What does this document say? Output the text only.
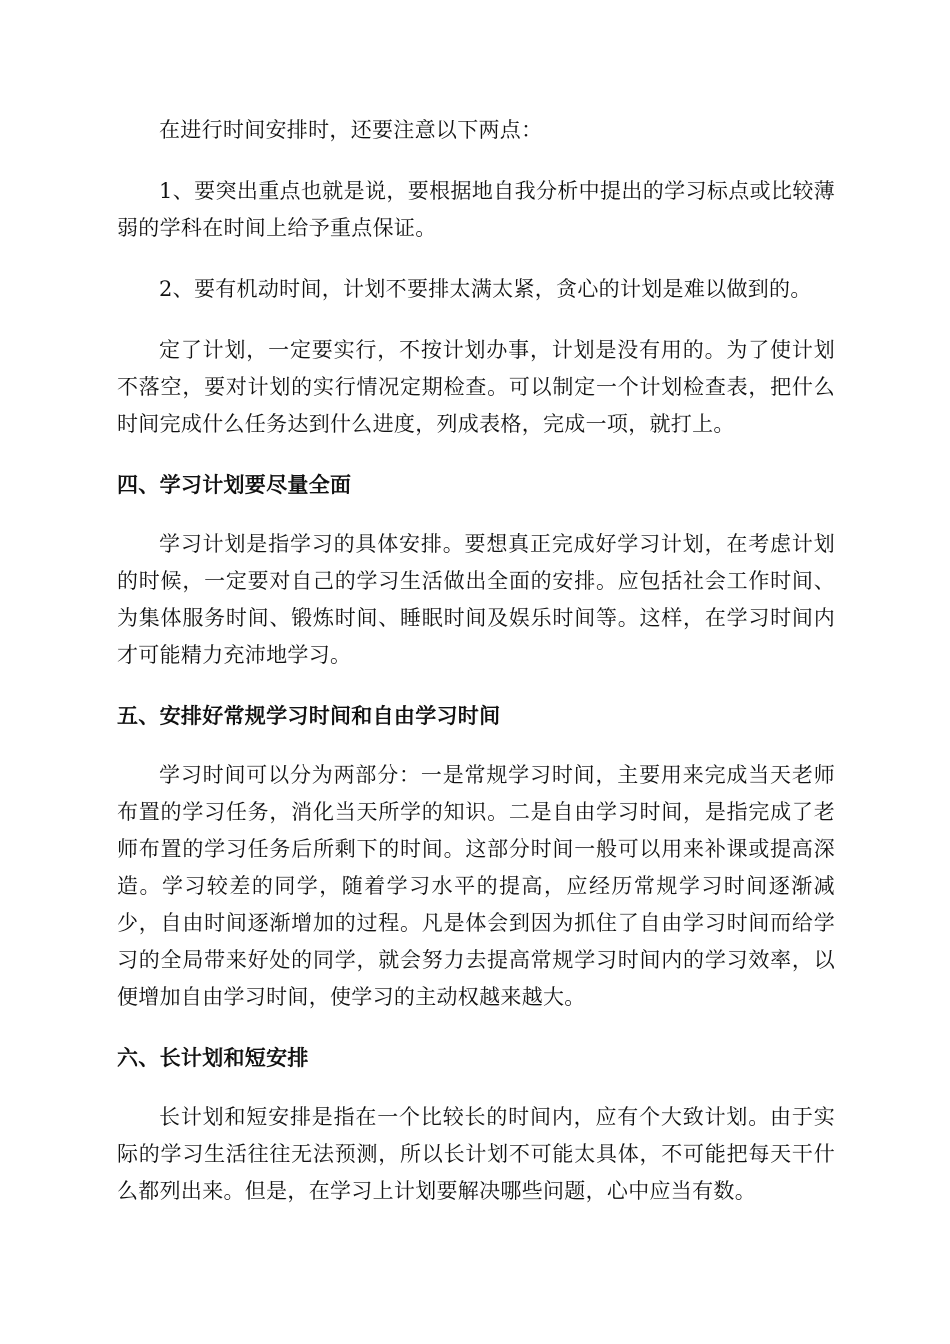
在进行时间安排时，还要注意以下两点：

1、要突出重点也就是说，要根据地自我分析中提出的学习标点或比较薄弱的学科在时间上给予重点保证。

2、要有机动时间，计划不要排太满太紧，贪心的计划是难以做到的。

定了计划，一定要实行，不按计划办事，计划是没有用的。为了使计划不落空，要对计划的实行情况定期检查。可以制定一个计划检查表，把什么时间完成什么任务达到什么进度，列成表格，完成一项，就打上。

四、学习计划要尽量全面

学习计划是指学习的具体安排。要想真正完成好学习计划，在考虑计划的时候，一定要对自己的学习生活做出全面的安排。应包括社会工作时间、为集体服务时间、锻炼时间、睡眠时间及娱乐时间等。这样，在学习时间内才可能精力充沛地学习。

五、安排好常规学习时间和自由学习时间

学习时间可以分为两部分：一是常规学习时间，主要用来完成当天老师布置的学习任务，消化当天所学的知识。二是自由学习时间，是指完成了老师布置的学习任务后所剩下的时间。这部分时间一般可以用来补课或提高深造。学习较差的同学，随着学习水平的提高，应经历常规学习时间逐渐减少，自由时间逐渐增加的过程。凡是体会到因为抓住了自由学习时间而给学习的全局带来好处的同学，就会努力去提高常规学习时间内的学习效率，以便增加自由学习时间，使学习的主动权越来越大。

六、长计划和短安排

长计划和短安排是指在一个比较长的时间内，应有个大致计划。由于实际的学习生活往往无法预测，所以长计划不可能太具体，不可能把每天干什么都列出来。但是，在学习上计划要解决哪些问题，心中应当有数。
